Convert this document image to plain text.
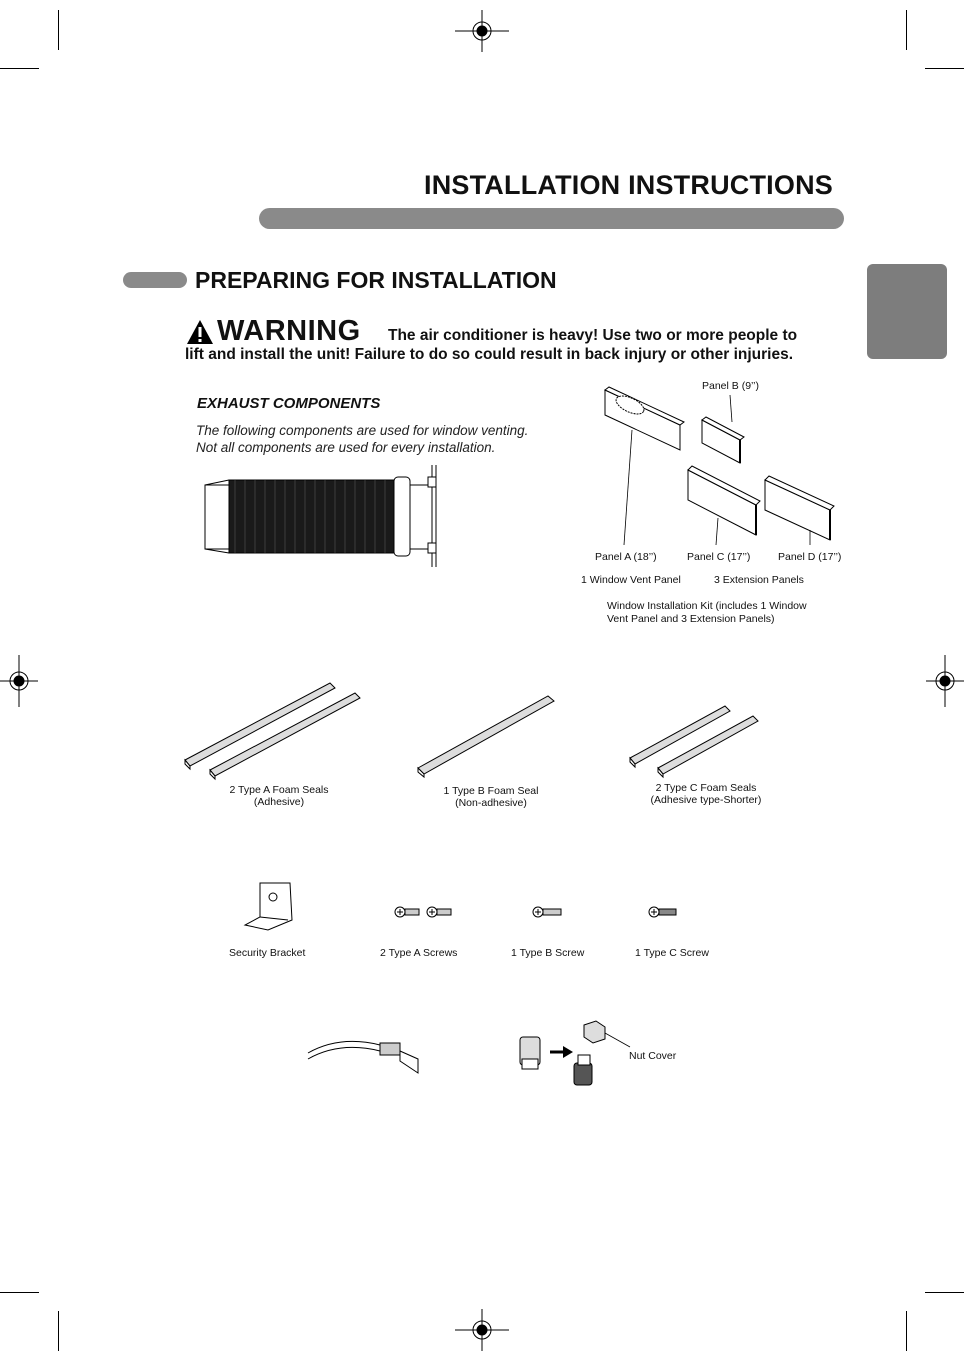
INSTALLATION INSTRUCTIONS
PREPARING FOR INSTALLATION
WARNING The air conditioner is heavy! Use two or more people to
lift and install the unit! Failure to do so could result in back injury or other injuries.
EXHAUST COMPONENTS
The following components are used for window venting.
Not all components are used for every installation.
Panel B (9’’)
Panel A (18’’)	Panel C (17’’)	Panel D (17’’)
1 Window Vent Panel	3 Extension Panels
Window Installation Kit (includes 1 Window
Vent Panel and 3 Extension Panels)
2 Type A Foam Seals
(Adhesive)
1 Type B Foam Seal
(Non-adhesive)
2 Type C Foam Seals
(Adhesive type-Shorter)
Security Bracket	2 Type A Screws	1 Type B Screw	1 Type C Screw
Nut Cover
